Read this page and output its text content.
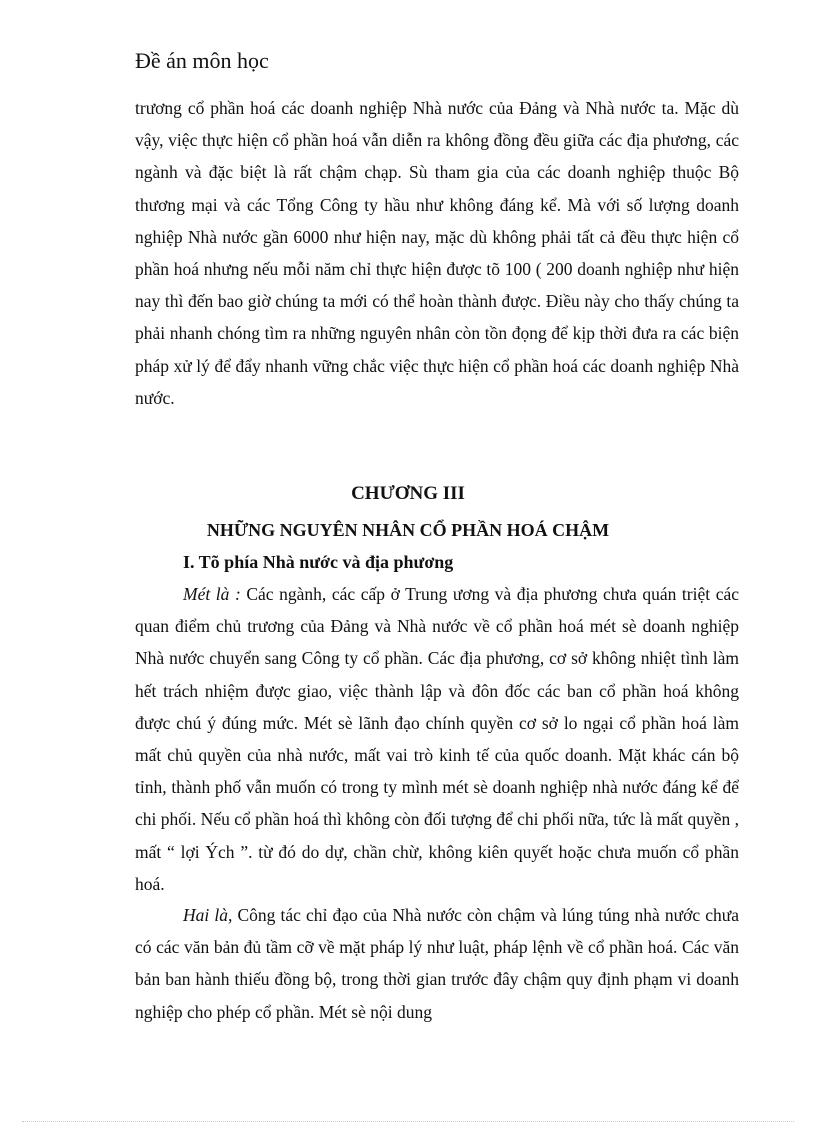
Đề án môn học

trương cổ phần hoá các doanh nghiệp Nhà nước của Đảng và Nhà nước ta. Mặc dù vậy, việc thực hiện cổ phần hoá vẫn diễn ra không đồng đều giữa các địa phương, các ngành và đặc biệt là rất chậm chạp. Sù tham gia của các doanh nghiệp thuộc Bộ thương mại và các Tổng Công ty hầu như không đáng kể. Mà với số lượng doanh nghiệp Nhà nước gần 6000 như hiện nay, mặc dù không phải tất cả đều thực hiện cổ phần hoá nhưng nếu mỗi năm chỉ thực hiện được tõ 100 ( 200 doanh nghiệp như hiện nay thì đến bao giờ chúng ta mới có thể hoàn thành được. Điều này cho thấy chúng ta phải nhanh chóng tìm ra những nguyên nhân còn tồn đọng để kịp thời đưa ra các biện pháp xử lý để đẩy nhanh vững chắc việc thực hiện cổ phần hoá các doanh nghiệp Nhà nước.

CHƯƠNG III
NHỮNG NGUYÊN NHÂN CỔ PHẦN HOÁ CHẬM
I. Tõ phía Nhà nước và địa phương

Mét là : Các ngành, các cấp ở Trung ương và địa phương chưa quán triệt các quan điểm chủ trương của Đảng và Nhà nước về cổ phần hoá mét sè doanh nghiệp Nhà nước chuyển sang Công ty cổ phần. Các địa phương, cơ sở không nhiệt tình làm hết trách nhiệm được giao, việc thành lập và đôn đốc các ban cổ phần hoá không được chú ý đúng mức. Mét sè lãnh đạo chính quyền cơ sở lo ngại cổ phần hoá làm mất chủ quyền của nhà nước, mất vai trò kinh tế của quốc doanh. Mặt khác cán bộ tỉnh, thành phố vẫn muốn có trong ty mình mét sè doanh nghiệp nhà nước đáng kể để chi phối. Nếu cổ phần hoá thì không còn đối tượng để chi phối nữa, tức là mất quyền , mất “ lợi Ých ”. từ đó do dự, chần chừ, không kiên quyết hoặc chưa muốn cổ phần hoá.

Hai là, Công tác chỉ đạo của Nhà nước còn chậm và lúng túng nhà nước chưa có các văn bản đủ tầm cỡ về mặt pháp lý như luật, pháp lệnh về cổ phần hoá. Các văn bản ban hành thiếu đồng bộ, trong thời gian trước đây chậm quy định phạm vi doanh nghiệp cho phép cổ phần. Mét sè nội dung
